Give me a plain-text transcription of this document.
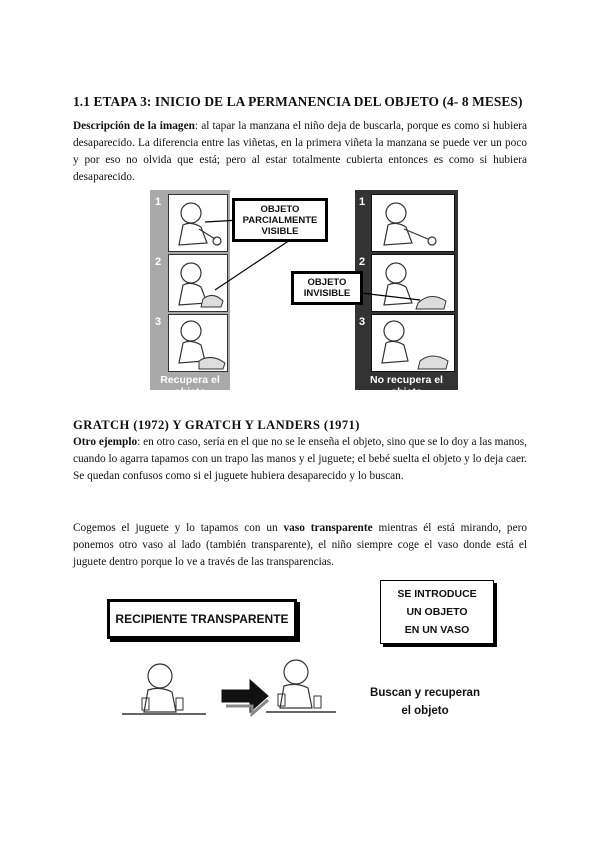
1.1 ETAPA 3: INICIO DE LA PERMANENCIA DEL OBJETO (4- 8 MESES)

Descripción de la imagen: al tapar la manzana el niño deja de buscarla, porque es como si hubiera desaparecido. La diferencia entre las viñetas, en la primera viñeta la manzana se puede ver un poco y por eso no olvida que está; pero al estar totalmente cubierta entonces es como si hubiera desaparecido.

1
2
3
Recupera el objeto
1
2
3
No recupera el objeto
OBJETO
PARCIALMENTE
VISIBLE
OBJETO
INVISIBLE
GRATCH (1972) Y GRATCH Y LANDERS (1971)

Otro ejemplo: en otro caso, sería en el que no se le enseña el objeto, sino que se lo doy a las manos, cuando lo agarra tapamos con un trapo las manos y el juguete; el bebé suelta el objeto y lo deja caer. Se quedan confusos como si el juguete hubiera desaparecido y lo buscan.

Cogemos el juguete y lo tapamos con un vaso transparente mientras él está mirando, pero ponemos otro vaso al lado (también transparente), el niño siempre coge el vaso donde está el juguete dentro porque lo ve a través de las transparencias.

RECIPIENTE TRANSPARENTE
SE INTRODUCE
UN OBJETO
EN UN VASO
Buscan y recuperan
el objeto
